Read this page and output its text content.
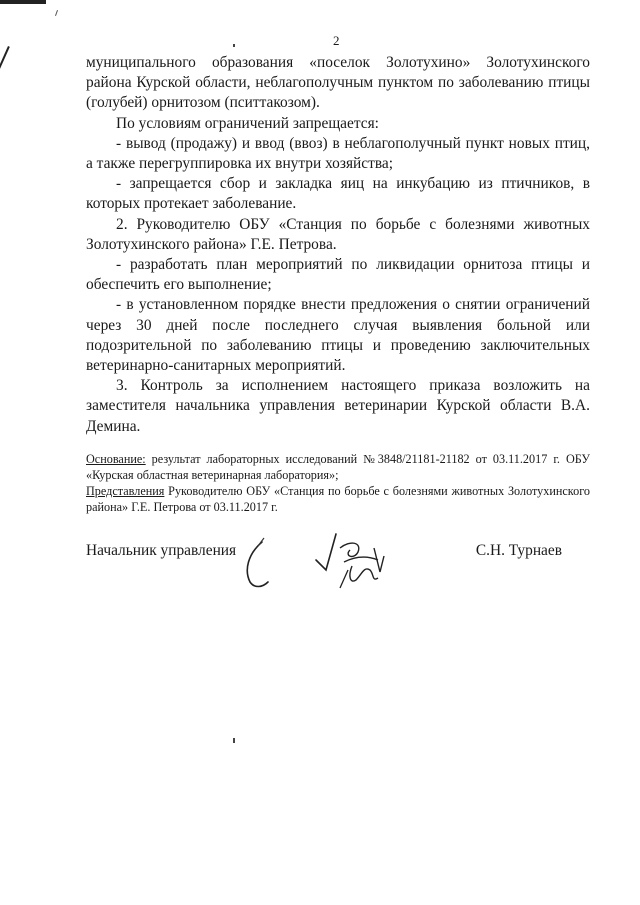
2

муниципального образования «поселок Золотухино» Золотухинского района Курской области, неблагополучным пунктом по заболеванию птицы (голубей) орнитозом (пситтакозом).

По условиям ограничений запрещается:

- вывод (продажу) и ввод (ввоз) в неблагополучный пункт новых птиц, а также перегруппировка их внутри хозяйства;

- запрещается сбор и закладка яиц на инкубацию из птичников, в которых протекает заболевание.

2. Руководителю ОБУ «Станция по борьбе с болезнями животных Золотухинского района» Г.Е. Петрова.

- разработать план мероприятий по ликвидации орнитоза птицы и обеспечить его выполнение;

- в установленном порядке внести предложения о снятии ограничений через 30 дней после последнего случая выявления больной или подозрительной по заболеванию птицы и проведению заключительных ветеринарно-санитарных мероприятий.

3. Контроль за исполнением настоящего приказа возложить на заместителя начальника управления ветеринарии Курской области В.А. Демина.

Основание: результат лабораторных исследований №3848/21181-21182 от 03.11.2017 г. ОБУ «Курская областная ветеринарная лаборатория»;

Представления Руководителю ОБУ «Станция по борьбе с болезнями животных Золотухинского района» Г.Е. Петрова от 03.11.2017 г.

Начальник управления	С.Н. Турнаев
